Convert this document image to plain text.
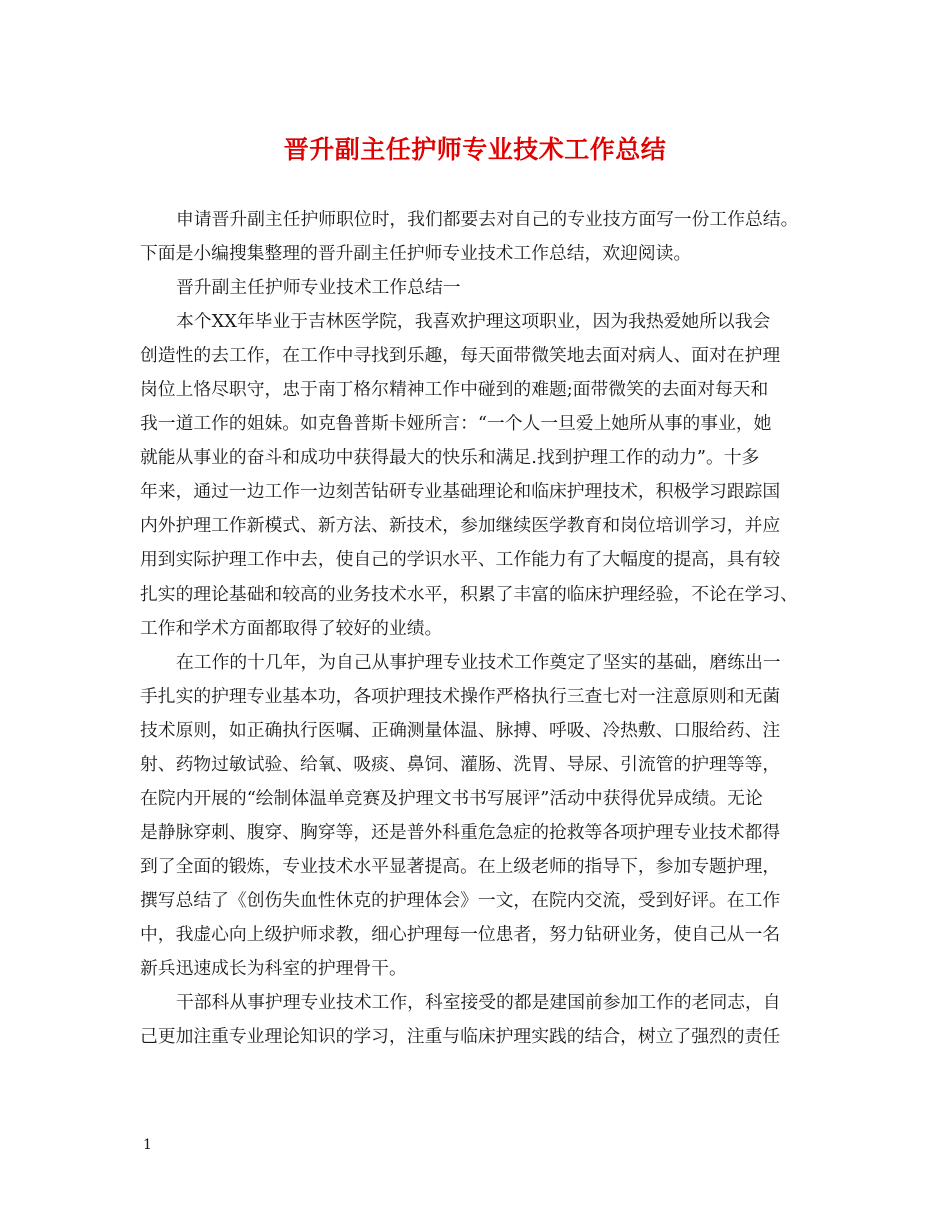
晋升副主任护师专业技术工作总结
申请晋升副主任护师职位时，我们都要去对自己的专业技方面写一份工作总结。
下面是小编搜集整理的晋升副主任护师专业技术工作总结，欢迎阅读。
晋升副主任护师专业技术工作总结一
本个XX年毕业于吉林医学院，我喜欢护理这项职业，因为我热爱她所以我会
创造性的去工作，在工作中寻找到乐趣，每天面带微笑地去面对病人、面对在护理
岗位上恪尽职守，忠于南丁格尔精神工作中碰到的难题;面带微笑的去面对每天和
我一道工作的姐妹。如克鲁普斯卡娅所言：“一个人一旦爱上她所从事的事业，她
就能从事业的奋斗和成功中获得最大的快乐和满足.找到护理工作的动力”。十多
年来，通过一边工作一边刻苦钻研专业基础理论和临床护理技术，积极学习跟踪国
内外护理工作新模式、新方法、新技术，参加继续医学教育和岗位培训学习，并应
用到实际护理工作中去，使自己的学识水平、工作能力有了大幅度的提高，具有较
扎实的理论基础和较高的业务技术水平，积累了丰富的临床护理经验，不论在学习、
工作和学术方面都取得了较好的业绩。
在工作的十几年，为自己从事护理专业技术工作奠定了坚实的基础，磨练出一
手扎实的护理专业基本功，各项护理技术操作严格执行三查七对一注意原则和无菌
技术原则，如正确执行医嘱、正确测量体温、脉搏、呼吸、冷热敷、口服给药、注
射、药物过敏试验、给氧、吸痰、鼻饲、灌肠、洗胃、导尿、引流管的护理等等，
在院内开展的“绘制体温单竞赛及护理文书书写展评”活动中获得优异成绩。无论
是静脉穿刺、腹穿、胸穿等，还是普外科重危急症的抢救等各项护理专业技术都得
到了全面的锻炼，专业技术水平显著提高。在上级老师的指导下，参加专题护理，
撰写总结了《创伤失血性休克的护理体会》一文，在院内交流，受到好评。在工作
中，我虚心向上级护师求教，细心护理每一位患者，努力钻研业务，使自己从一名
新兵迅速成长为科室的护理骨干。
干部科从事护理专业技术工作，科室接受的都是建国前参加工作的老同志，自
己更加注重专业理论知识的学习，注重与临床护理实践的结合，树立了强烈的责任
1
